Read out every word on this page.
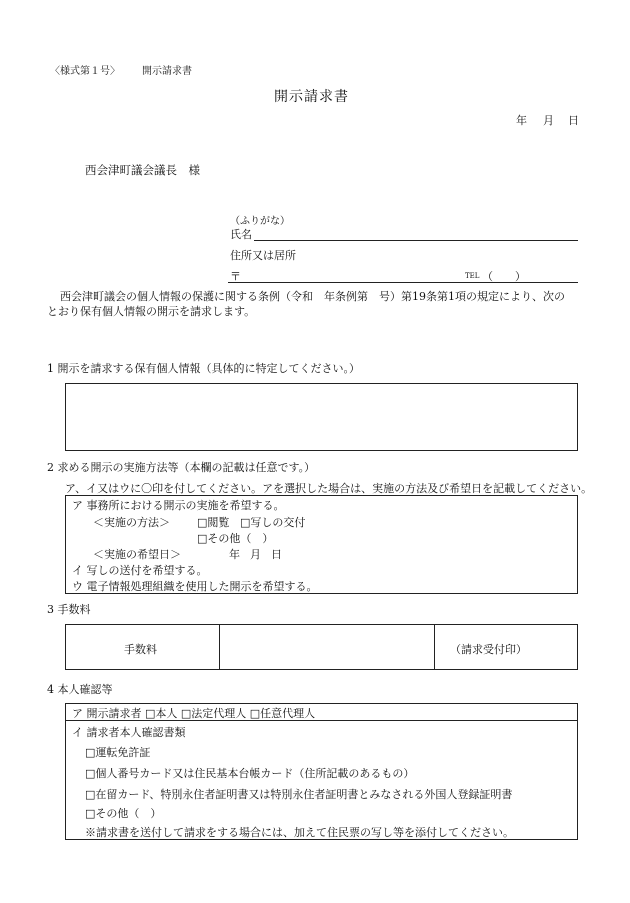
〈様式第１号〉 開示請求書
開示請求書
年 月 日
西会津町議会議長　様
（ふりがな）
氏名
住所又は居所
〒	TEL （　　）
西会津町議会の個人情報の保護に関する条例（令和　年条例第　号）第19条第1項の規定により、次の
とおり保有個人情報の開示を請求します。
1 開示を請求する保有個人情報（具体的に特定してください。）
2 求める開示の実施方法等（本欄の記載は任意です。）
ア、イ又はウに〇印を付してください。アを選択した場合は、実施の方法及び希望日を記載してください。
ア 事務所における開示の実施を希望する。
＜実施の方法＞ □閲覧 □写しの交付
□その他（　）
＜実施の希望日＞	年 月 日
イ 写しの送付を希望する。
ウ 電子情報処理組織を使用した開示を希望する。
3 手数料
手数料	（請求受付印）
4 本人確認等
ア 開示請求者 □本人 □法定代理人 □任意代理人
イ 請求者本人確認書類
□運転免許証
□個人番号カード又は住民基本台帳カード（住所記載のあるもの）
□在留カード、特別永住者証明書又は特別永住者証明書とみなされる外国人登録証明書
□その他（　）
※請求書を送付して請求をする場合には、加えて住民票の写し等を添付してください。
